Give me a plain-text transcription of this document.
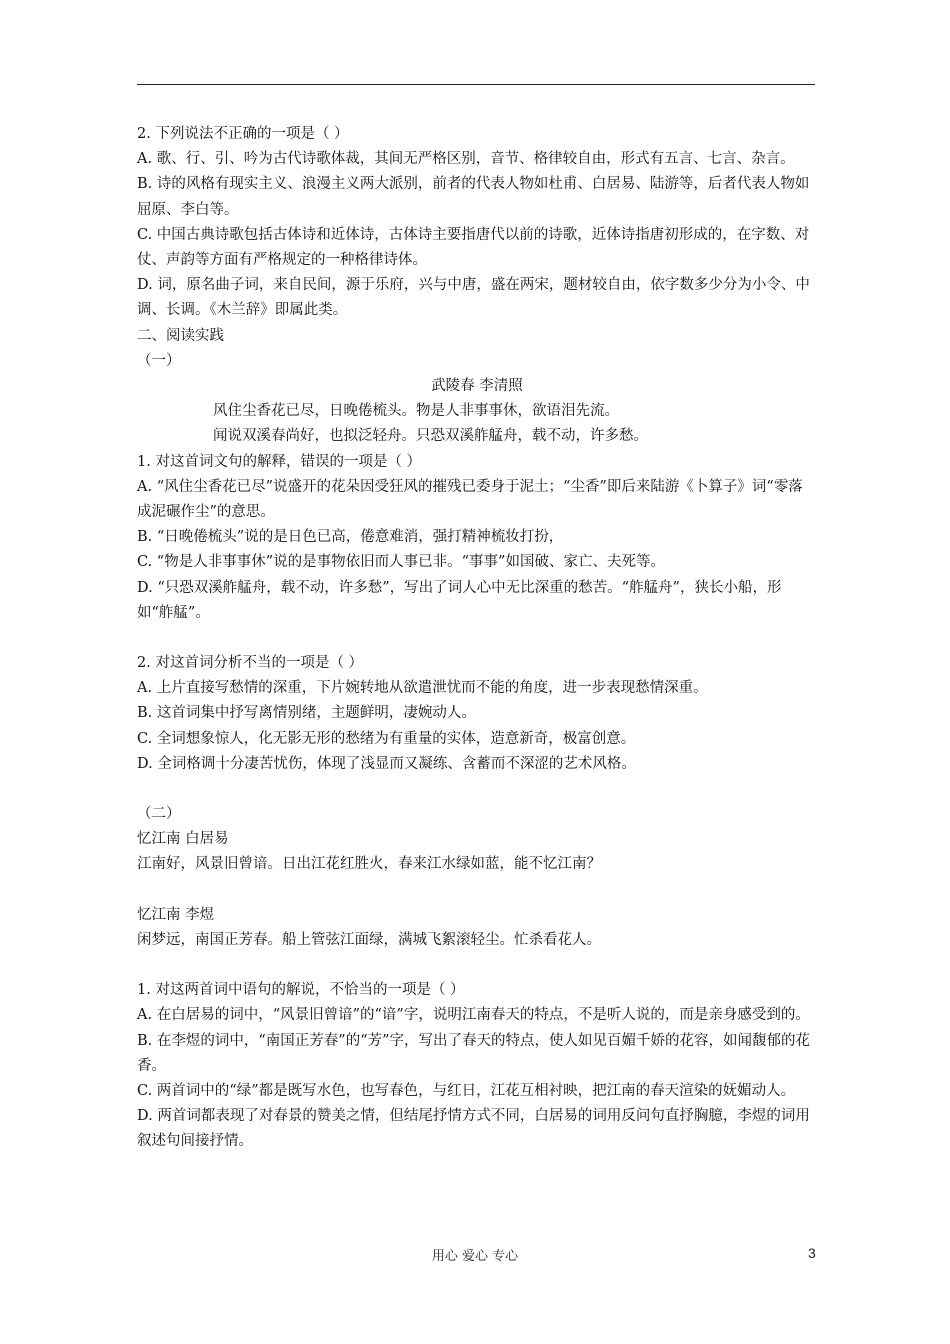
2. 下列说法不正确的一项是（ ）

A. 歌、行、引、吟为古代诗歌体裁，其间无严格区别，音节、格律较自由，形式有五言、七言、杂言。

B. 诗的风格有现实主义、浪漫主义两大派别，前者的代表人物如杜甫、白居易、陆游等，后者代表人物如屈原、李白等。

C. 中国古典诗歌包括古体诗和近体诗，古体诗主要指唐代以前的诗歌，近体诗指唐初形成的，在字数、对仗、声韵等方面有严格规定的一种格律诗体。

D. 词，原名曲子词，来自民间，源于乐府，兴与中唐，盛在两宋，题材较自由，依字数多少分为小令、中调、长调。《木兰辞》即属此类。

二、阅读实践

（一）

武陵春 李清照

风住尘香花已尽，日晚倦梳头。物是人非事事休，欲语泪先流。

闻说双溪春尚好，也拟泛轻舟。只恐双溪舴艋舟，载不动，许多愁。

1. 对这首词文句的解释，错误的一项是（ ）

A. “风住尘香花已尽”说盛开的花朵因受狂风的摧残已委身于泥土；“尘香”即后来陆游《卜算子》词“零落成泥碾作尘”的意思。

B. “日晚倦梳头”说的是日色已高，倦意难消，强打精神梳妆打扮，

C. “物是人非事事休”说的是事物依旧而人事已非。“事事”如国破、家亡、夫死等。

D. “只恐双溪舴艋舟，载不动，许多愁”，写出了词人心中无比深重的愁苦。“舴艋舟”，狭长小船，形如“舴艋”。

2. 对这首词分析不当的一项是（ ）

A. 上片直接写愁情的深重，下片婉转地从欲遣泄忧而不能的角度，进一步表现愁情深重。

B. 这首词集中抒写离情别绪，主题鲜明，凄婉动人。

C. 全词想象惊人，化无影无形的愁绪为有重量的实体，造意新奇，极富创意。

D. 全词格调十分凄苦忧伤，体现了浅显而又凝练、含蓄而不深涩的艺术风格。

（二）

忆江南 白居易

江南好，风景旧曾谙。日出江花红胜火，春来江水绿如蓝，能不忆江南？

忆江南 李煜

闲梦远，南国正芳春。船上管弦江面绿，满城飞絮滚轻尘。忙杀看花人。

1. 对这两首词中语句的解说，不恰当的一项是（ ）

A. 在白居易的词中，“风景旧曾谙”的“谙”字，说明江南春天的特点，不是听人说的，而是亲身感受到的。

B. 在李煜的词中，“南国正芳春”的“芳”字，写出了春天的特点，使人如见百媚千娇的花容，如闻馥郁的花香。

C. 两首词中的“绿”都是既写水色，也写春色，与红日，江花互相衬映，把江南的春天渲染的妩媚动人。

D. 两首词都表现了对春景的赞美之情，但结尾抒情方式不同，白居易的词用反问句直抒胸臆，李煜的词用叙述句间接抒情。

用心 爱心 专心	3
